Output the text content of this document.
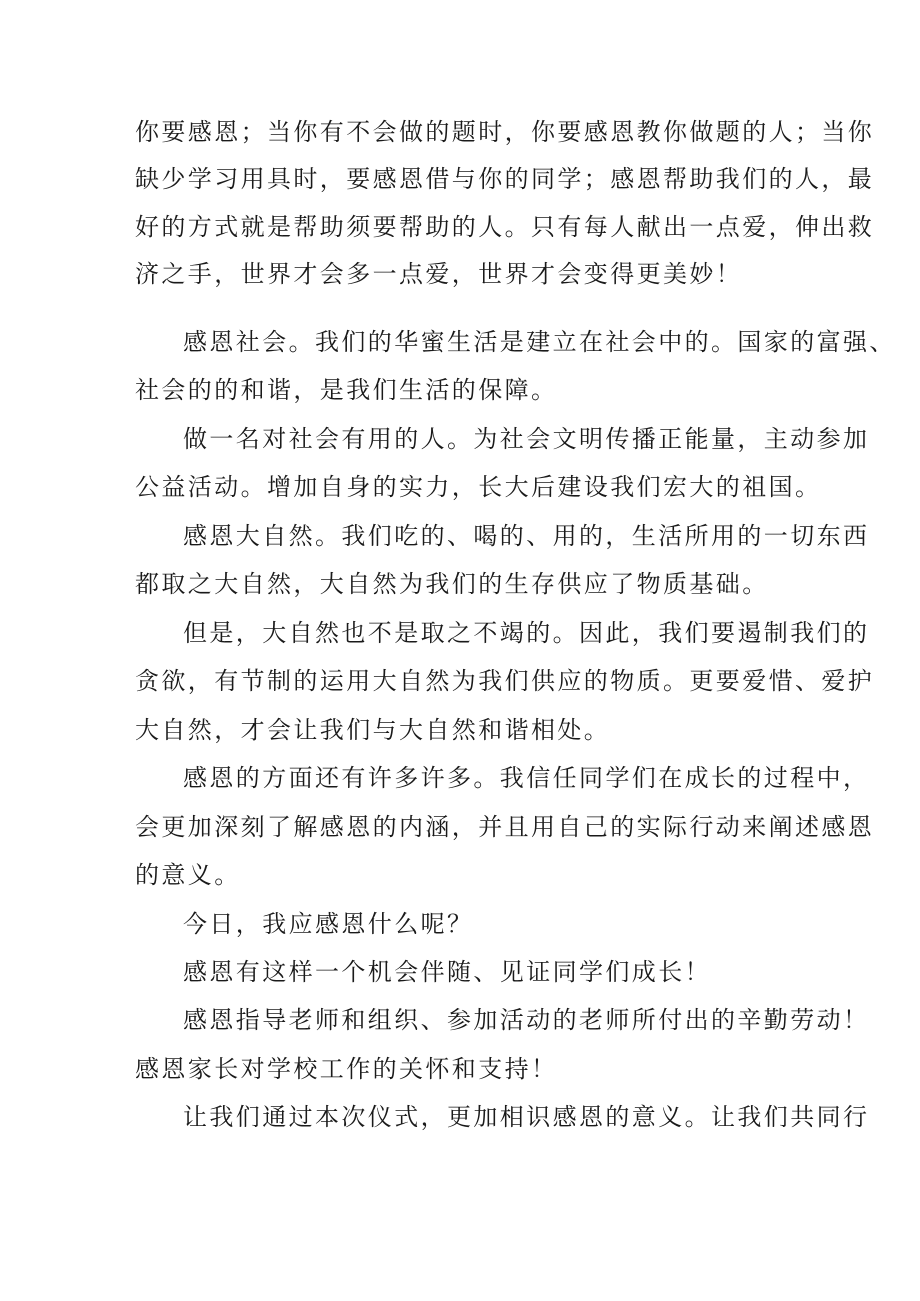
你要感恩；当你有不会做的题时，你要感恩教你做题的人；当你
缺少学习用具时，要感恩借与你的同学；感恩帮助我们的人，最
好的方式就是帮助须要帮助的人。只有每人献出一点爱，伸出救
济之手，世界才会多一点爱，世界才会变得更美妙！
感恩社会。我们的华蜜生活是建立在社会中的。国家的富强、
社会的的和谐，是我们生活的保障。
做一名对社会有用的人。为社会文明传播正能量，主动参加
公益活动。增加自身的实力，长大后建设我们宏大的祖国。
感恩大自然。我们吃的、喝的、用的，生活所用的一切东西
都取之大自然，大自然为我们的生存供应了物质基础。
但是，大自然也不是取之不竭的。因此，我们要遏制我们的
贪欲，有节制的运用大自然为我们供应的物质。更要爱惜、爱护
大自然，才会让我们与大自然和谐相处。
感恩的方面还有许多许多。我信任同学们在成长的过程中，
会更加深刻了解感恩的内涵，并且用自己的实际行动来阐述感恩
的意义。
今日，我应感恩什么呢？
感恩有这样一个机会伴随、见证同学们成长！
感恩指导老师和组织、参加活动的老师所付出的辛勤劳动！
感恩家长对学校工作的关怀和支持！
让我们通过本次仪式，更加相识感恩的意义。让我们共同行
